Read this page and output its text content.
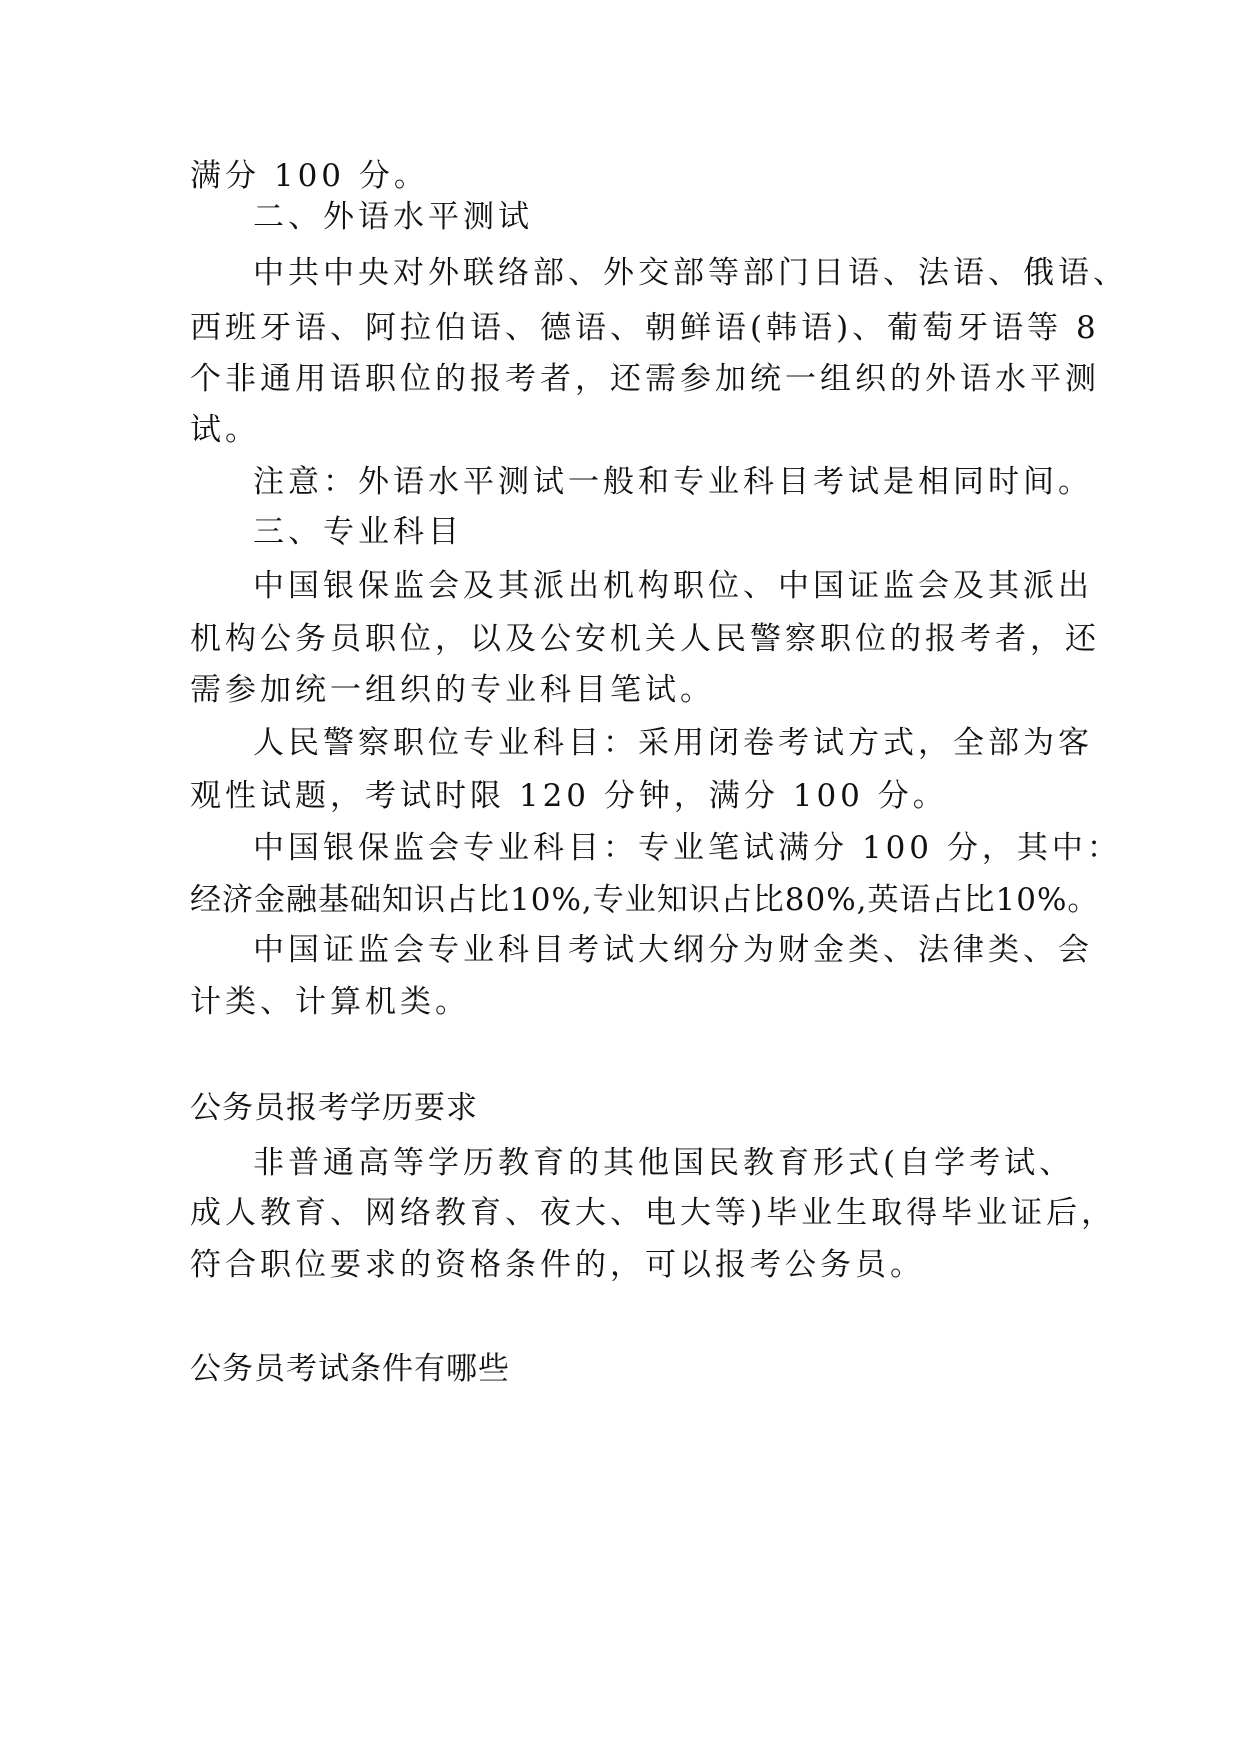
满分 100 分。

二、外语水平测试

中共中央对外联络部、外交部等部门日语、法语、俄语、

西班牙语、阿拉伯语、德语、朝鲜语(韩语)、葡萄牙语等 8

个非通用语职位的报考者，还需参加统一组织的外语水平测

试。

注意：外语水平测试一般和专业科目考试是相同时间。

三、专业科目

中国银保监会及其派出机构职位、中国证监会及其派出

机构公务员职位，以及公安机关人民警察职位的报考者，还

需参加统一组织的专业科目笔试。

人民警察职位专业科目：采用闭卷考试方式，全部为客

观性试题，考试时限 120 分钟，满分 100 分。

中国银保监会专业科目：专业笔试满分 100 分，其中：

经济金融基础知识占比10%,专业知识占比80%,英语占比10%。

中国证监会专业科目考试大纲分为财金类、法律类、会

计类、计算机类。

公务员报考学历要求

非普通高等学历教育的其他国民教育形式(自学考试、

成人教育、网络教育、夜大、电大等)毕业生取得毕业证后，

符合职位要求的资格条件的，可以报考公务员。

公务员考试条件有哪些
